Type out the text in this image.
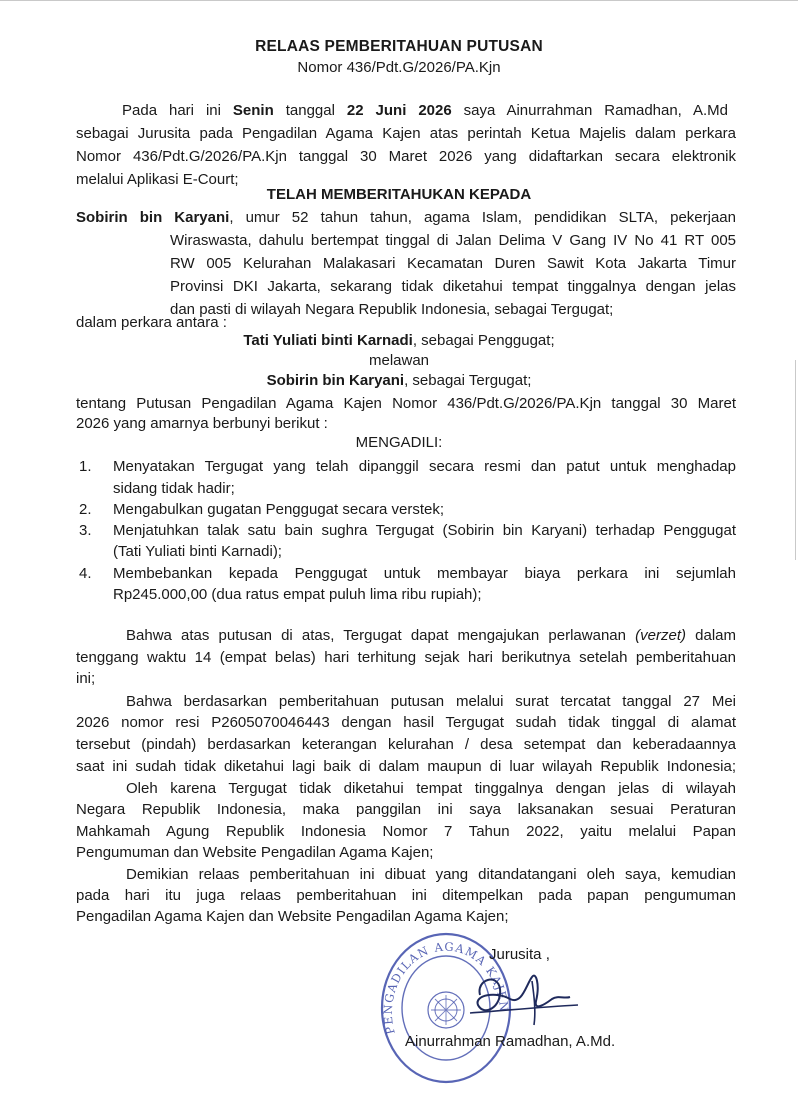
RELAAS PEMBERITAHUAN PUTUSAN
Nomor 436/Pdt.G/2026/PA.Kjn
Pada hari ini Senin tanggal 22 Juni 2026 saya Ainurrahman Ramadhan, A.Md
sebagai Jurusita pada Pengadilan Agama Kajen atas perintah Ketua Majelis dalam perkara
Nomor 436/Pdt.G/2026/PA.Kjn tanggal 30 Maret 2026 yang didaftarkan secara elektronik
melalui Aplikasi E-Court;
TELAH MEMBERITAHUKAN KEPADA
Sobirin bin Karyani, umur 52 tahun tahun, agama Islam, pendidikan SLTA, pekerjaan
Wiraswasta, dahulu bertempat tinggal di Jalan Delima V Gang IV No 41 RT 005
RW 005 Kelurahan Malakasari Kecamatan Duren Sawit Kota Jakarta Timur
Provinsi DKI Jakarta, sekarang tidak diketahui tempat tinggalnya dengan jelas
dan pasti di wilayah Negara Republik Indonesia, sebagai Tergugat;
dalam perkara antara :
Tati Yuliati binti Karnadi, sebagai Penggugat;
melawan
Sobirin bin Karyani, sebagai Tergugat;
tentang Putusan Pengadilan Agama Kajen Nomor 436/Pdt.G/2026/PA.Kjn tanggal 30 Maret
2026 yang amarnya berbunyi berikut :
MENGADILI:
1. Menyatakan Tergugat yang telah dipanggil secara resmi dan patut untuk menghadap
sidang tidak hadir;
2. Mengabulkan gugatan Penggugat secara verstek;
3. Menjatuhkan talak satu bain sughra Tergugat (Sobirin bin Karyani) terhadap Penggugat
(Tati Yuliati binti Karnadi);
4. Membebankan kepada Penggugat untuk membayar biaya perkara ini sejumlah
Rp245.000,00 (dua ratus empat puluh lima ribu rupiah);
Bahwa atas putusan di atas, Tergugat dapat mengajukan perlawanan (verzet) dalam
tenggang waktu 14 (empat belas) hari terhitung sejak hari berikutnya setelah pemberitahuan
ini;
Bahwa berdasarkan pemberitahuan putusan melalui surat tercatat tanggal 27 Mei
2026 nomor resi P2605070046443 dengan hasil Tergugat sudah tidak tinggal di alamat
tersebut (pindah) berdasarkan keterangan kelurahan / desa setempat dan keberadaannya
saat ini sudah tidak diketahui lagi baik di dalam maupun di luar wilayah Republik Indonesia;
Oleh karena Tergugat tidak diketahui tempat tinggalnya dengan jelas di wilayah
Negara Republik Indonesia, maka panggilan ini saya laksanakan sesuai Peraturan
Mahkamah Agung Republik Indonesia Nomor 7 Tahun 2022, yaitu melalui Papan
Pengumuman dan Website Pengadilan Agama Kajen;
Demikian relaas pemberitahuan ini dibuat yang ditandatangani oleh saya, kemudian
pada hari itu juga relaas pemberitahuan ini ditempelkan pada papan pengumuman
Pengadilan Agama Kajen dan Website Pengadilan Agama Kajen;
PENGADILAN AGAMA KAJEN
Jurusita ,
Ainurrahman Ramadhan, A.Md.
